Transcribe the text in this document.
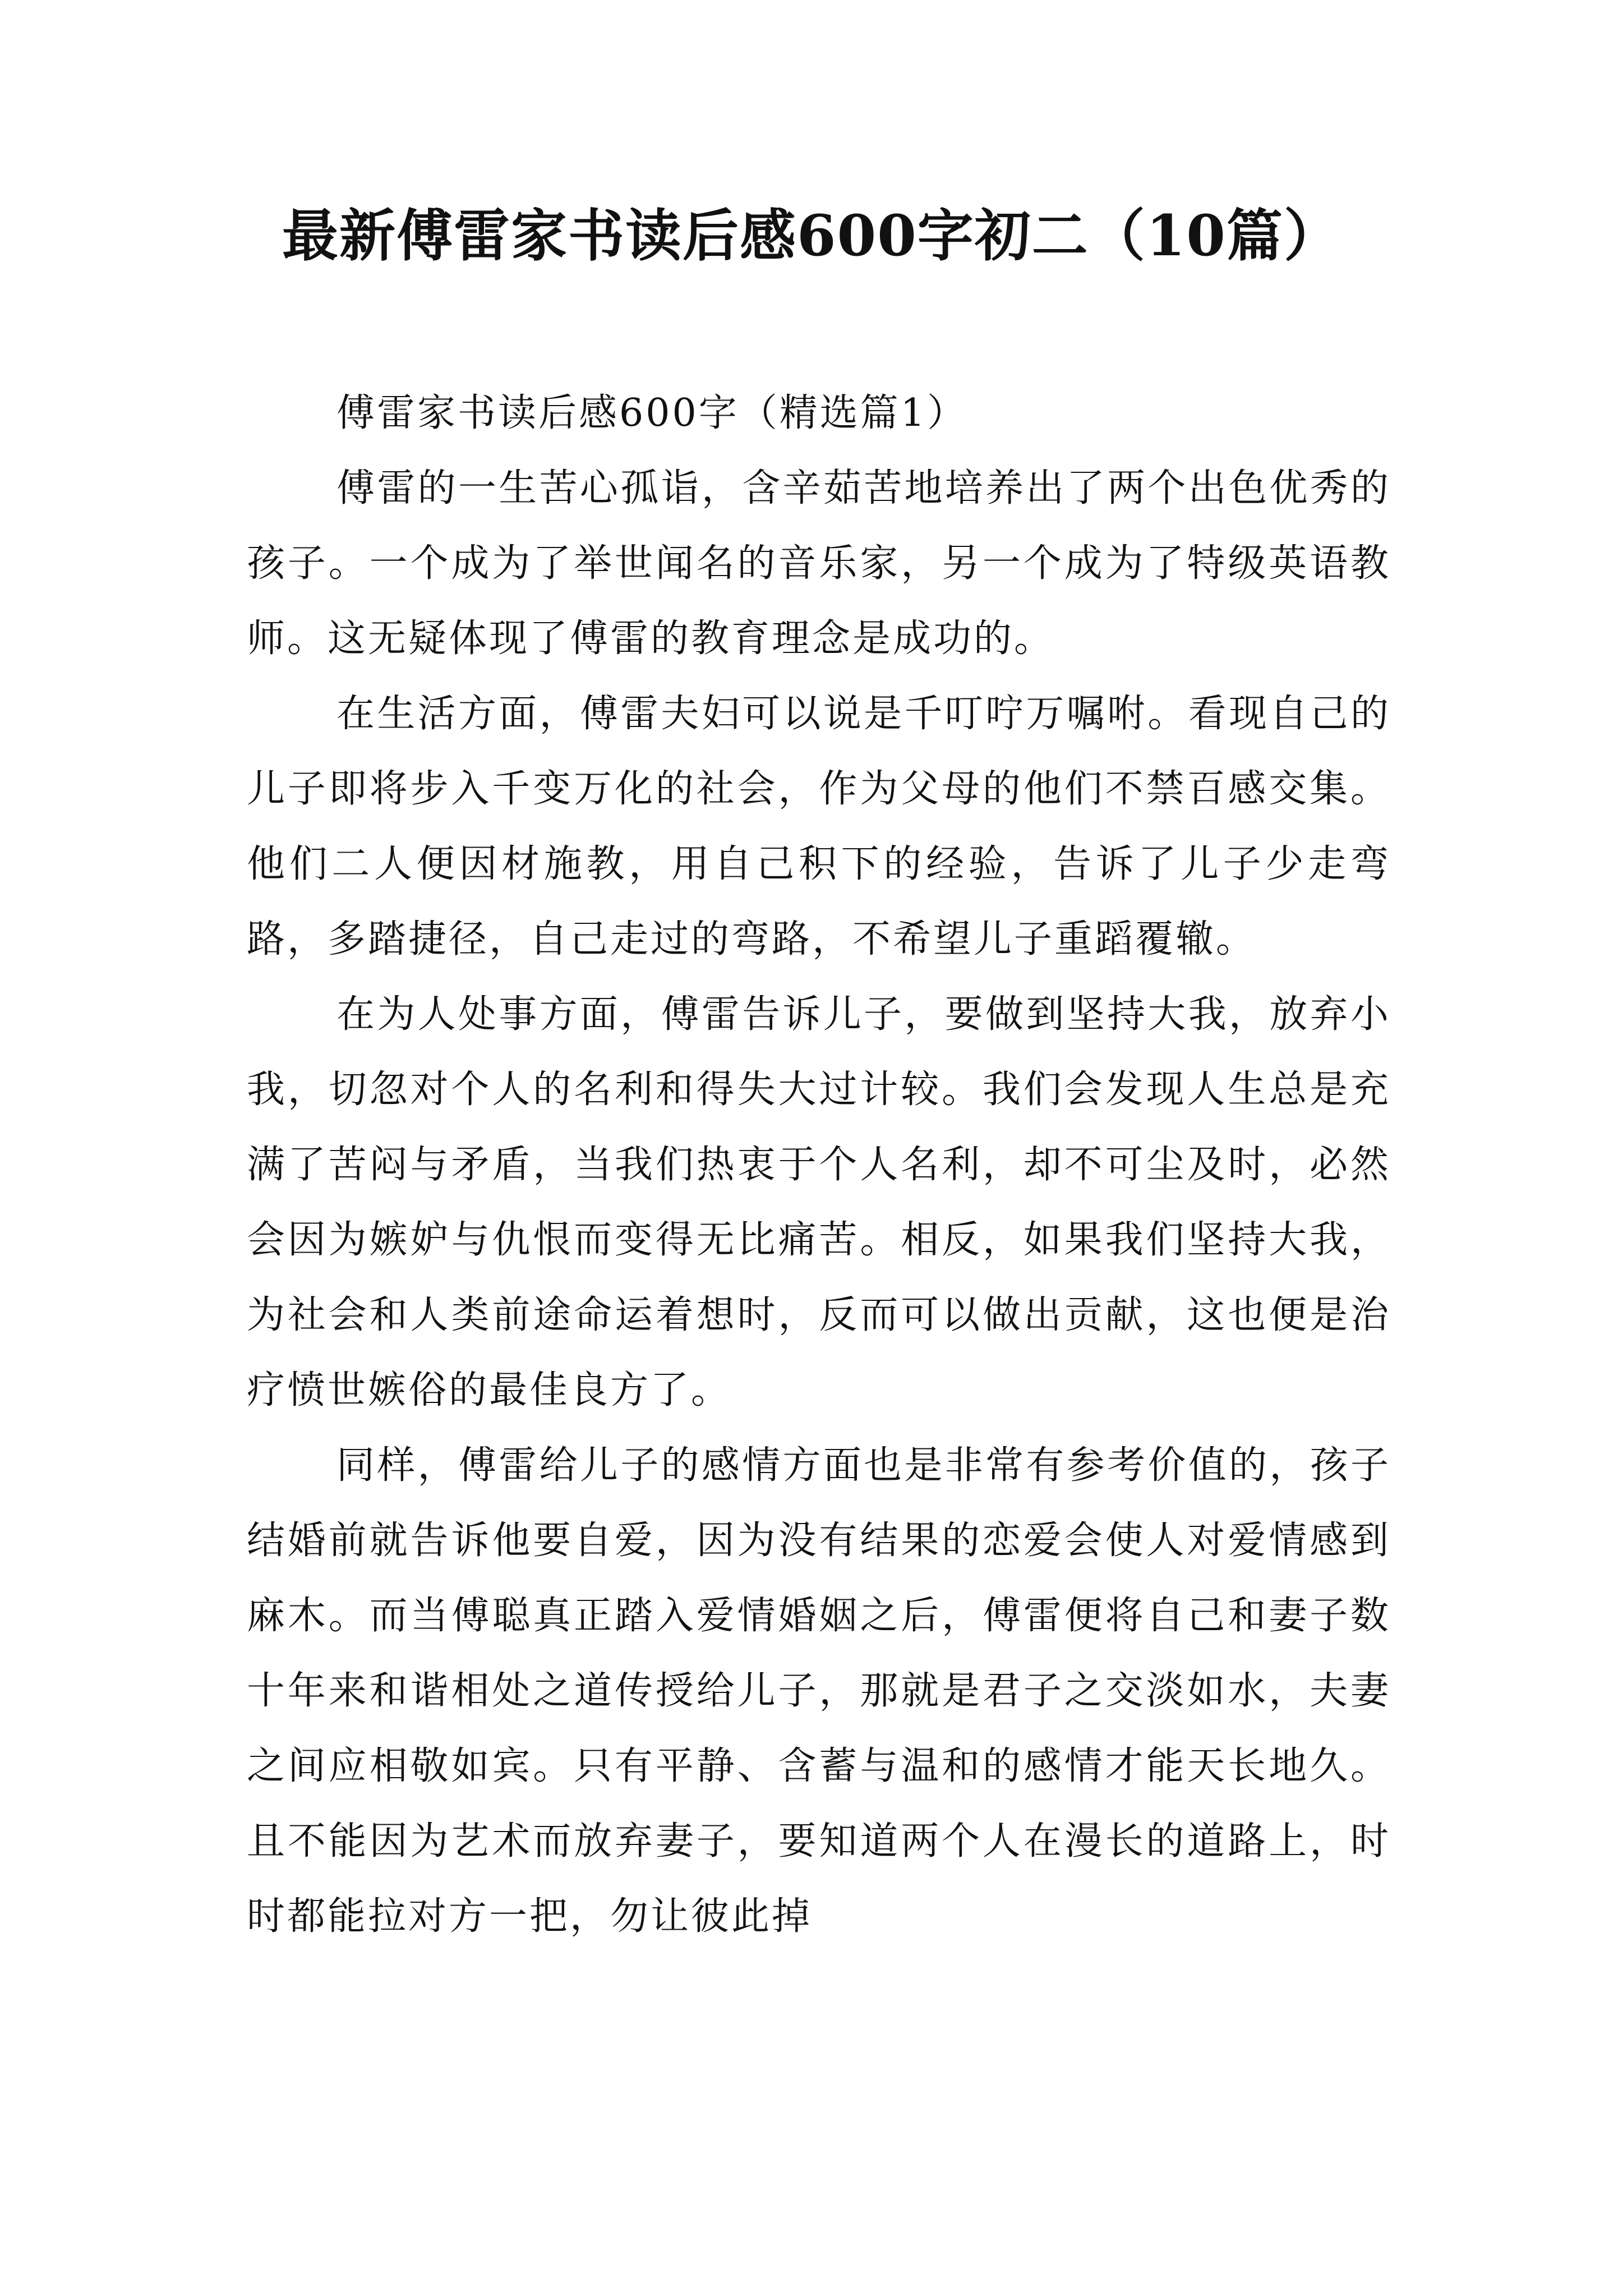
最新傅雷家书读后感600字初二（10篇）

傅雷家书读后感600字（精选篇1）

傅雷的一生苦心孤诣，含辛茹苦地培养出了两个出色优秀的孩子。一个成为了举世闻名的音乐家，另一个成为了特级英语教师。这无疑体现了傅雷的教育理念是成功的。

在生活方面，傅雷夫妇可以说是千叮咛万嘱咐。看现自己的儿子即将步入千变万化的社会，作为父母的他们不禁百感交集。他们二人便因材施教，用自己积下的经验，告诉了儿子少走弯路，多踏捷径，自己走过的弯路，不希望儿子重蹈覆辙。

在为人处事方面，傅雷告诉儿子，要做到坚持大我，放弃小我，切忽对个人的名利和得失大过计较。我们会发现人生总是充满了苦闷与矛盾，当我们热衷于个人名利，却不可尘及时，必然会因为嫉妒与仇恨而变得无比痛苦。相反，如果我们坚持大我，为社会和人类前途命运着想时，反而可以做出贡献，这也便是治疗愤世嫉俗的最佳良方了。

同样，傅雷给儿子的感情方面也是非常有参考价值的，孩子结婚前就告诉他要自爱，因为没有结果的恋爱会使人对爱情感到麻木。而当傅聪真正踏入爱情婚姻之后，傅雷便将自己和妻子数十年来和谐相处之道传授给儿子，那就是君子之交淡如水，夫妻之间应相敬如宾。只有平静、含蓄与温和的感情才能天长地久。且不能因为艺术而放弃妻子，要知道两个人在漫长的道路上，时时都能拉对方一把，勿让彼此掉
